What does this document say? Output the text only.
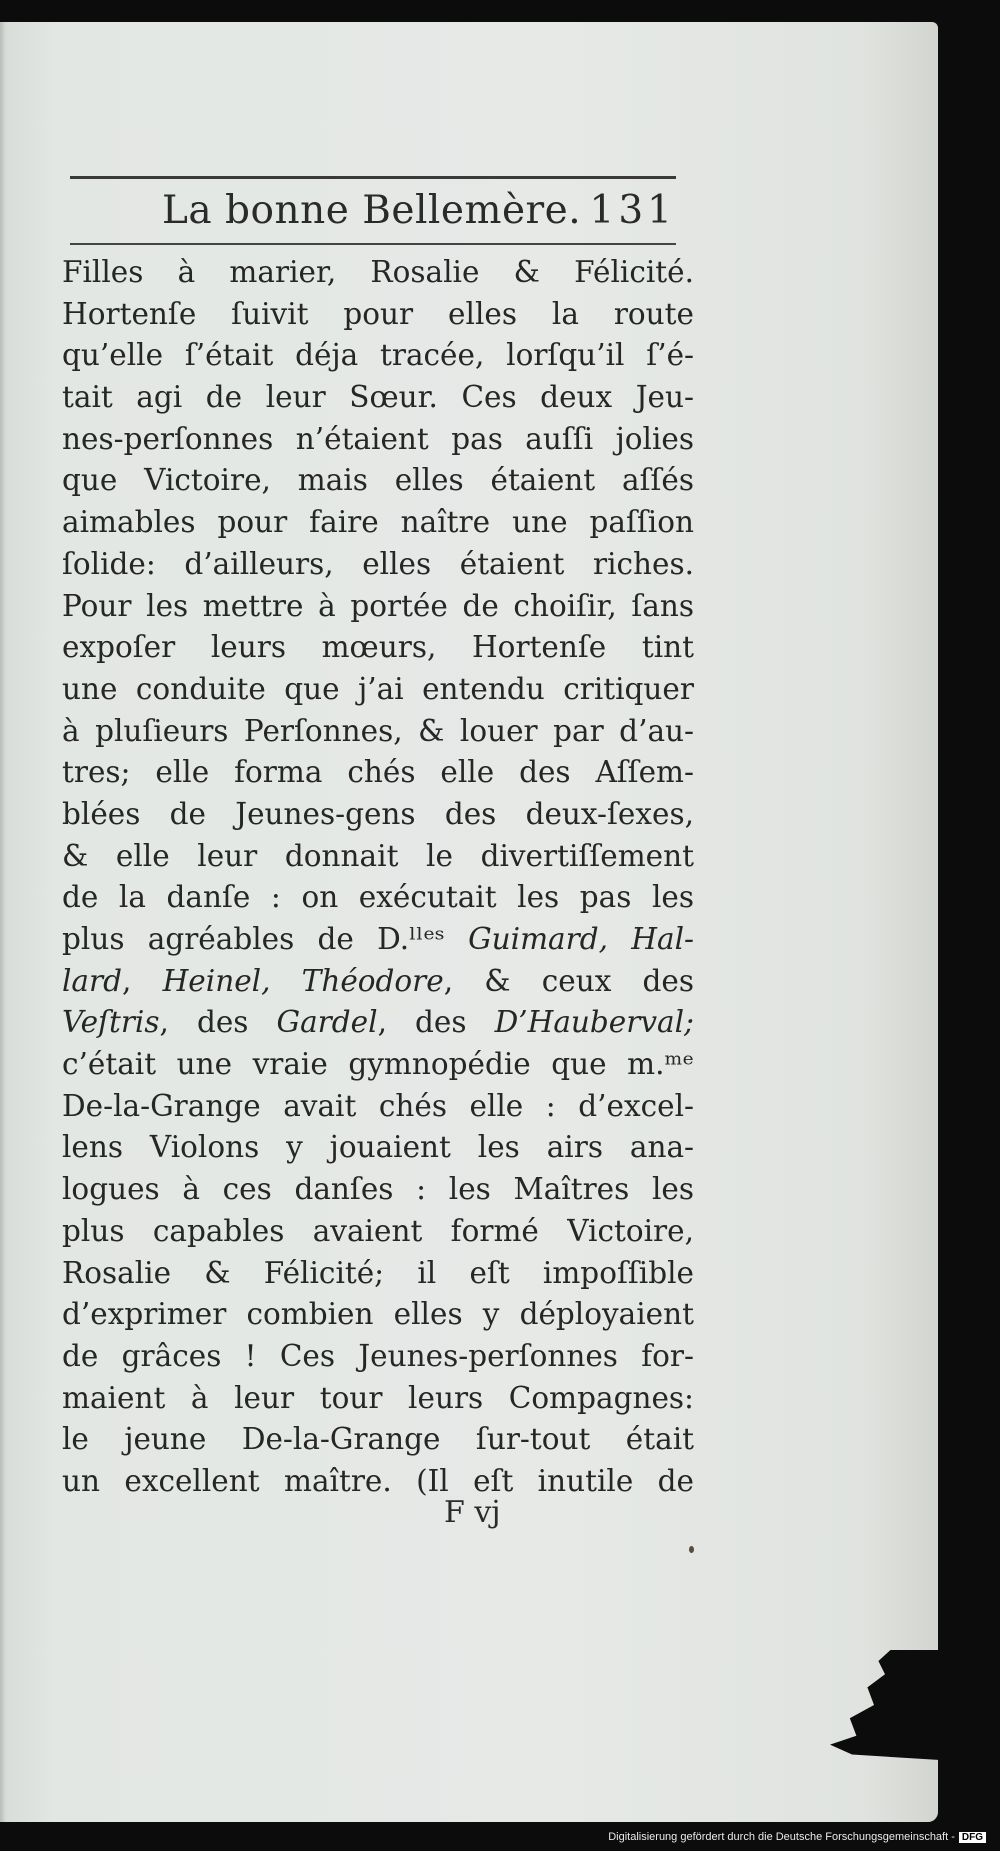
La bonne Bellemère. 131
Filles à marier, Rosalie & Félicité.
Hortenſe ſuivit pour elles la route
qu’elle ſ’était déja tracée, lorſqu’il ſ’é-
tait agi de leur Sœur. Ces deux Jeu-
nes-perſonnes n’étaient pas auſſi jolies
que Victoire, mais elles étaient aſſés
aimables pour faire naître une paſſion
ſolide: d’ailleurs, elles étaient riches.
Pour les mettre à portée de choiſir, ſans
expoſer leurs mœurs, Hortenſe tint
une conduite que j’ai entendu critiquer
à pluſieurs Perſonnes, & louer par d’au-
tres; elle forma chés elle des Aſſem-
blées de Jeunes-gens des deux-ſexes,
& elle leur donnait le divertiſſement
de la danſe : on exécutait les pas les
plus agréables de D.ˡˡᵉˢ Guimard, Hal-
lard, Heinel, Théodore, & ceux des
Veſtris, des Gardel, des D’Hauberval;
c’était une vraie gymnopédie que m.ᵐᵉ
De-la-Grange avait chés elle : d’excel-
lens Violons y jouaient les airs ana-
logues à ces danſes : les Maîtres les
plus capables avaient formé Victoire,
Rosalie & Félicité; il eſt impoſſible
d’exprimer combien elles y déployaient
de grâces ! Ces Jeunes-perſonnes for-
maient à leur tour leurs Compagnes:
le jeune De-la-Grange ſur-tout était
un excellent maître. (Il eſt inutile de
F vj
Digitalisierung gefördert durch die Deutsche Forschungsgemeinschaft - DFG
